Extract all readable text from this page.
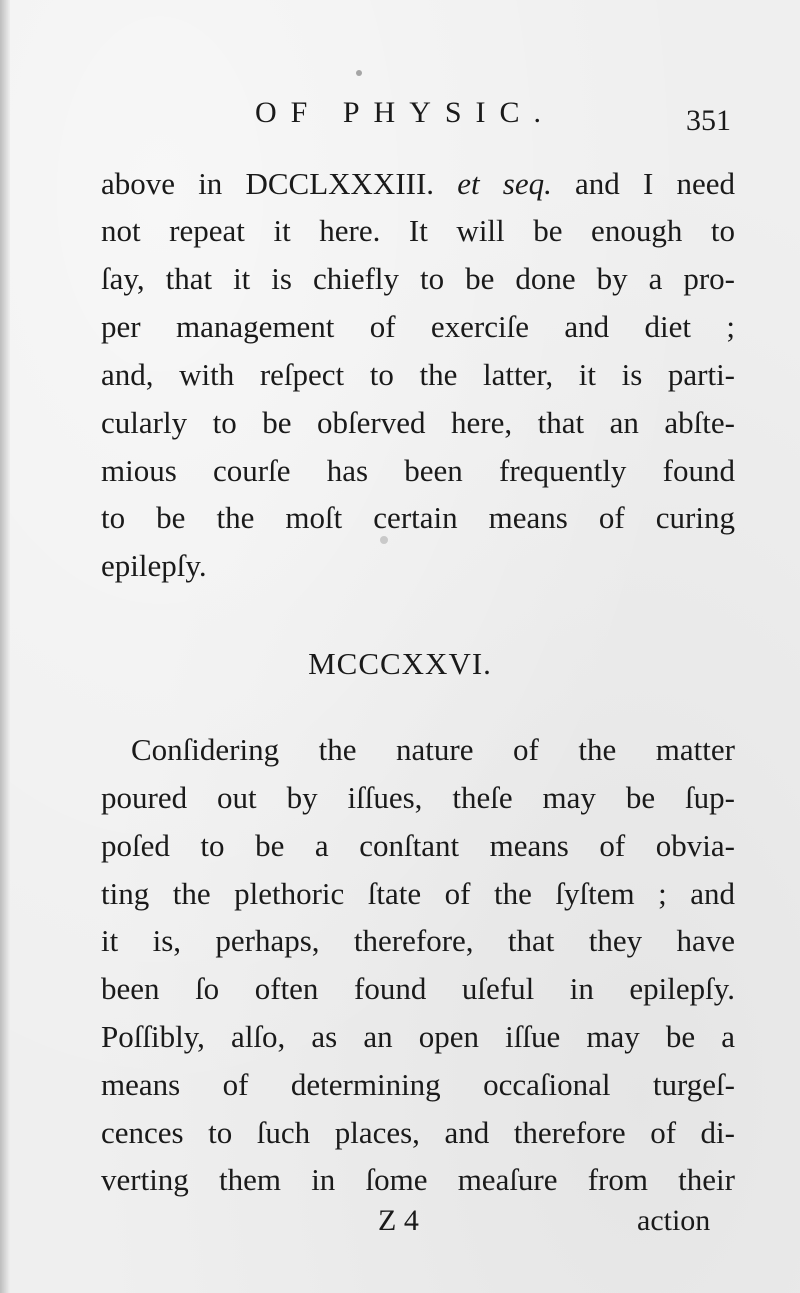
OF PHYSIC.	351
above in DCCLXXXIII. et seq. and I need
not repeat it here. It will be enough to
ſay, that it is chiefly to be done by a pro-
per management of exerciſe and diet ;
and, with reſpect to the latter, it is parti-
cularly to be obſerved here, that an abſte-
mious courſe has been frequently found
to be the moſt certain means of curing
epilepſy.
MCCCXXVI.
Conſidering the nature of the matter
poured out by iſſues, theſe may be ſup-
poſed to be a conſtant means of obvia-
ting the plethoric ſtate of the ſyſtem ; and
it is, perhaps, therefore, that they have
been ſo often found uſeful in epilepſy.
Poſſibly, alſo, as an open iſſue may be a
means of determining occaſional turgeſ-
cences to ſuch places, and therefore of di-
verting them in ſome meaſure from their
Z 4	action
